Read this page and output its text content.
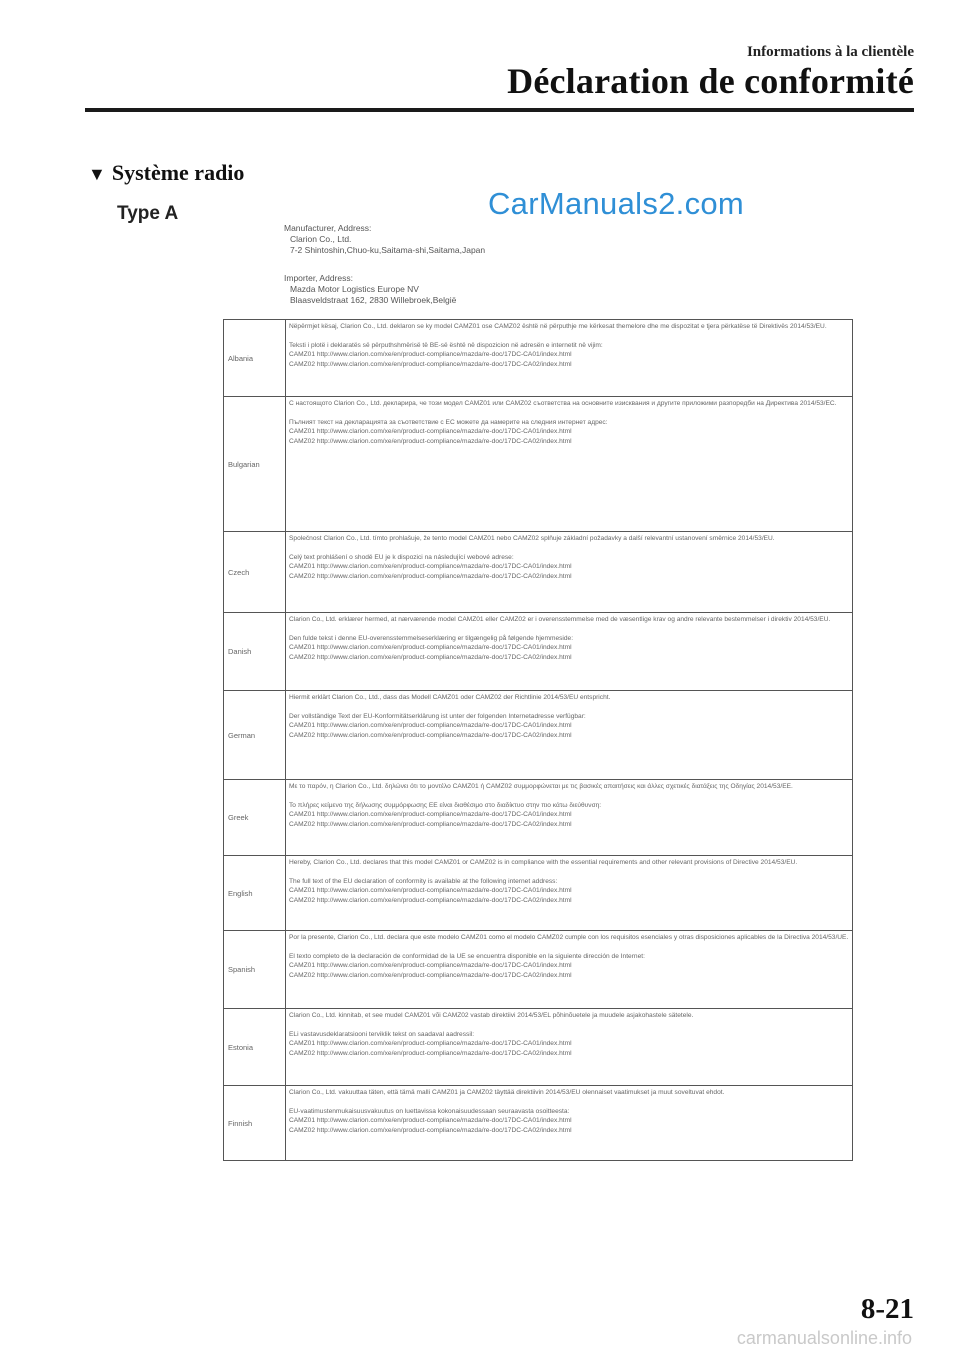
Informations à la clientèle
Déclaration de conformité
▼ Système radio
Type A	CarManuals2.com
Manufacturer, Address:
Clarion Co., Ltd.
7-2 Shintoshin,Chuo-ku,Saitama-shi,Saitama,Japan
Importer, Address:
Mazda Motor Logistics Europe NV
Blaasveldstraat 162, 2830 Willebroek,België
Albania	Nëpërmjet kësaj, Clarion Co., Ltd. deklaron se ky model CAMZ01 ose CAMZ02 është në përputhje me kërkesat themelore dhe me dispozitat e tjera përkatëse të Direktivës 2014/53/EU.
Teksti i plotë i deklaratës së përputhshmërisë të BE-së është në dispozicion në adresën e internetit në vijim:
CAMZ01 http://www.clarion.com/xe/en/product-compliance/mazda/re-doc/17DC-CA01/index.html
CAMZ02 http://www.clarion.com/xe/en/product-compliance/mazda/re-doc/17DC-CA02/index.html

Bulgarian	С настоящото Clarion Co., Ltd. декларира, че този модел CAMZ01 или CAMZ02 съответства на основните изисквания и другите приложими разпоредби на Директива 2014/53/ЕС.
Пълният текст на декларацията за съответствие с ЕС можете да намерите на следния интернет адрес:
CAMZ01 http://www.clarion.com/xe/en/product-compliance/mazda/re-doc/17DC-CA01/index.html
CAMZ02 http://www.clarion.com/xe/en/product-compliance/mazda/re-doc/17DC-CA02/index.html

Czech	Společnost Clarion Co., Ltd. tímto prohlašuje, že tento model CAMZ01 nebo CAMZ02 splňuje základní požadavky a další relevantní ustanovení směrnice 2014/53/EU.
Celý text prohlášení o shodě EU je k dispozici na následující webové adrese:
CAMZ01 http://www.clarion.com/xe/en/product-compliance/mazda/re-doc/17DC-CA01/index.html
CAMZ02 http://www.clarion.com/xe/en/product-compliance/mazda/re-doc/17DC-CA02/index.html

Danish	Clarion Co., Ltd. erklærer hermed, at nærværende model CAMZ01 eller CAMZ02 er i overensstemmelse med de væsentlige krav og andre relevante bestemmelser i direktiv 2014/53/EU.
Den fulde tekst i denne EU-overensstemmelseserklæring er tilgængelig på følgende hjemmeside:
CAMZ01 http://www.clarion.com/xe/en/product-compliance/mazda/re-doc/17DC-CA01/index.html
CAMZ02 http://www.clarion.com/xe/en/product-compliance/mazda/re-doc/17DC-CA02/index.html

German	Hiermit erklärt Clarion Co., Ltd., dass das Modell CAMZ01 oder CAMZ02 der Richtlinie 2014/53/EU entspricht.
Der vollständige Text der EU-Konformitätserklärung ist unter der folgenden Internetadresse verfügbar:
CAMZ01 http://www.clarion.com/xe/en/product-compliance/mazda/re-doc/17DC-CA01/index.html
CAMZ02 http://www.clarion.com/xe/en/product-compliance/mazda/re-doc/17DC-CA02/index.html

Greek	Με το παρόν, η Clarion Co., Ltd. δηλώνει ότι το μοντέλο CAMZ01 ή CAMZ02 συμμορφώνεται με τις βασικές απαιτήσεις και άλλες σχετικές διατάξεις της Οδηγίας 2014/53/ΕΕ.
Το πλήρες κείμενο της δήλωσης συμμόρφωσης ΕΕ είναι διαθέσιμο στο διαδίκτυο στην πιο κάτω διεύθυνση:
CAMZ01 http://www.clarion.com/xe/en/product-compliance/mazda/re-doc/17DC-CA01/index.html
CAMZ02 http://www.clarion.com/xe/en/product-compliance/mazda/re-doc/17DC-CA02/index.html

English	Hereby, Clarion Co., Ltd. declares that this model CAMZ01 or CAMZ02 is in compliance with the essential requirements and other relevant provisions of Directive 2014/53/EU.
The full text of the EU declaration of conformity is available at the following internet address:
CAMZ01 http://www.clarion.com/xe/en/product-compliance/mazda/re-doc/17DC-CA01/index.html
CAMZ02 http://www.clarion.com/xe/en/product-compliance/mazda/re-doc/17DC-CA02/index.html

Spanish	Por la presente, Clarion Co., Ltd. declara que este modelo CAMZ01 como el modelo CAMZ02 cumple con los requisitos esenciales y otras disposiciones aplicables de la Directiva 2014/53/UE.
El texto completo de la declaración de conformidad de la UE se encuentra disponible en la siguiente dirección de Internet:
CAMZ01 http://www.clarion.com/xe/en/product-compliance/mazda/re-doc/17DC-CA01/index.html
CAMZ02 http://www.clarion.com/xe/en/product-compliance/mazda/re-doc/17DC-CA02/index.html

Estonia	Clarion Co., Ltd. kinnitab, et see mudel CAMZ01 või CAMZ02 vastab direktiivi 2014/53/EL põhinõuetele ja muudele asjakohastele sätetele.
ELi vastavusdeklaratsiooni terviklik tekst on saadaval aadressil:
CAMZ01 http://www.clarion.com/xe/en/product-compliance/mazda/re-doc/17DC-CA01/index.html
CAMZ02 http://www.clarion.com/xe/en/product-compliance/mazda/re-doc/17DC-CA02/index.html

Finnish	Clarion Co., Ltd. vakuuttaa täten, että tämä malli CAMZ01 ja CAMZ02 täyttää direktiivin 2014/53/EU olennaiset vaatimukset ja muut soveltuvat ehdot.
EU-vaatimustenmukaisuusvakuutus on luettavissa kokonaisuudessaan seuraavasta osoitteesta:
CAMZ01 http://www.clarion.com/xe/en/product-compliance/mazda/re-doc/17DC-CA01/index.html
CAMZ02 http://www.clarion.com/xe/en/product-compliance/mazda/re-doc/17DC-CA02/index.html
8-21
carmanualsonline.info
